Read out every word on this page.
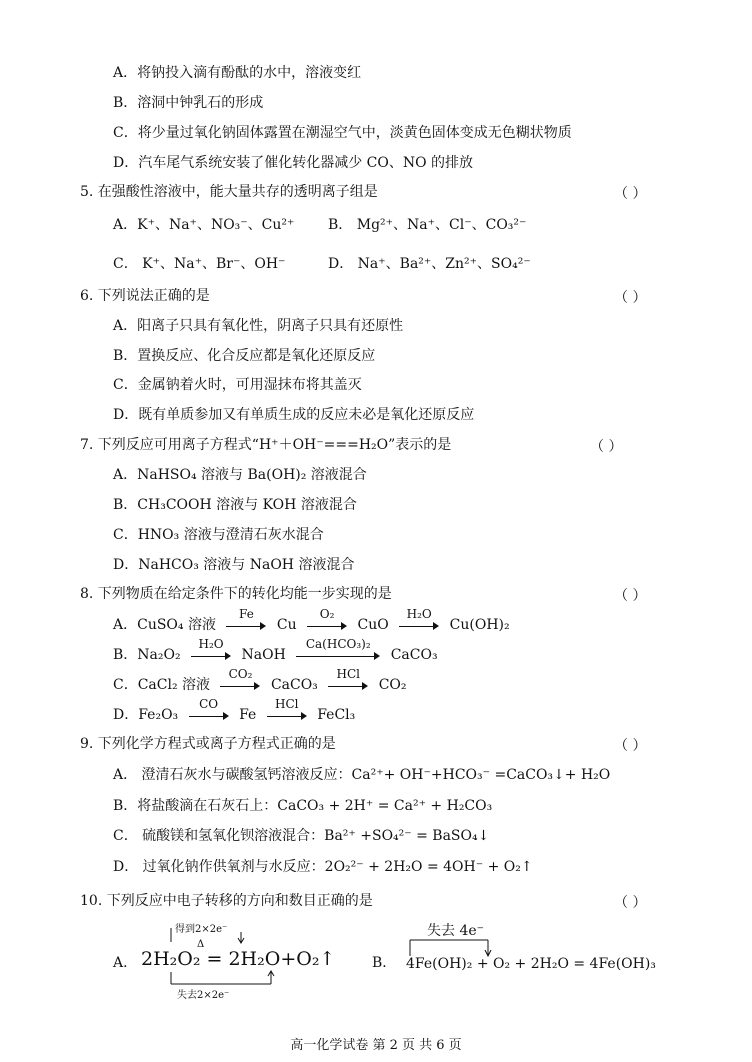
A．将钠投入滴有酚酞的水中，溶液变红
B．溶洞中钟乳石的形成
C．将少量过氧化钠固体露置在潮湿空气中，淡黄色固体变成无色糊状物质
D．汽车尾气系统安装了催化转化器减少 CO、NO 的排放
5. 在强酸性溶液中，能大量共存的透明离子组是	（ ）
A．K⁺、Na⁺、NO₃⁻、Cu²⁺ B． Mg²⁺、Na⁺、Cl⁻、CO₃²⁻
C． K⁺、Na⁺、Br⁻、OH⁻	D． Na⁺、Ba²⁺、Zn²⁺、SO₄²⁻
6. 下列说法正确的是	（ ）
A．阳离子只具有氧化性，阴离子只具有还原性
B．置换反应、化合反应都是氧化还原反应
C．金属钠着火时，可用湿抹布将其盖灭
D．既有单质参加又有单质生成的反应未必是氧化还原反应
7. 下列反应可用离子方程式“H⁺＋OH⁻===H₂O”表示的是	（ ）
A．NaHSO₄ 溶液与 Ba(OH)₂ 溶液混合
B．CH₃COOH 溶液与 KOH 溶液混合
C．HNO₃ 溶液与澄清石灰水混合
D．NaHCO₃ 溶液与 NaOH 溶液混合
8. 下列物质在给定条件下的转化均能一步实现的是	（ ）
A．CuSO₄ 溶液
Fe
Cu
O₂
CuO
H₂O
Cu(OH)₂
B．Na₂O₂
H₂O
NaOH
Ca(HCO₃)₂
CaCO₃
C．CaCl₂ 溶液
CO₂
CaCO₃
HCl
CO₂
D．Fe₂O₃
CO
Fe
HCl
FeCl₃
9. 下列化学方程式或离子方程式正确的是	（ ）
A． 澄清石灰水与碳酸氢钙溶液反应：Ca²⁺+ OH⁻+HCO₃⁻ =CaCO₃↓+ H₂O
B．将盐酸滴在石灰石上：CaCO₃ + 2H⁺ = Ca²⁺ + H₂CO₃
C． 硫酸镁和氢氧化钡溶液混合：Ba²⁺ +SO₄²⁻ = BaSO₄↓
D． 过氧化钠作供氧剂与水反应：2O₂²⁻ + 2H₂O = 4OH⁻ + O₂↑
10. 下列反应中电子转移的方向和数目正确的是	（ ）
A．
得到2×2e⁻
Δ
2H₂O₂ = 2H₂O+O₂↑
失去2×2e⁻
B．
失去 4e⁻
4Fe(OH)₂ + O₂ + 2H₂O = 4Fe(OH)₃
高一化学试卷 第 2 页 共 6 页
